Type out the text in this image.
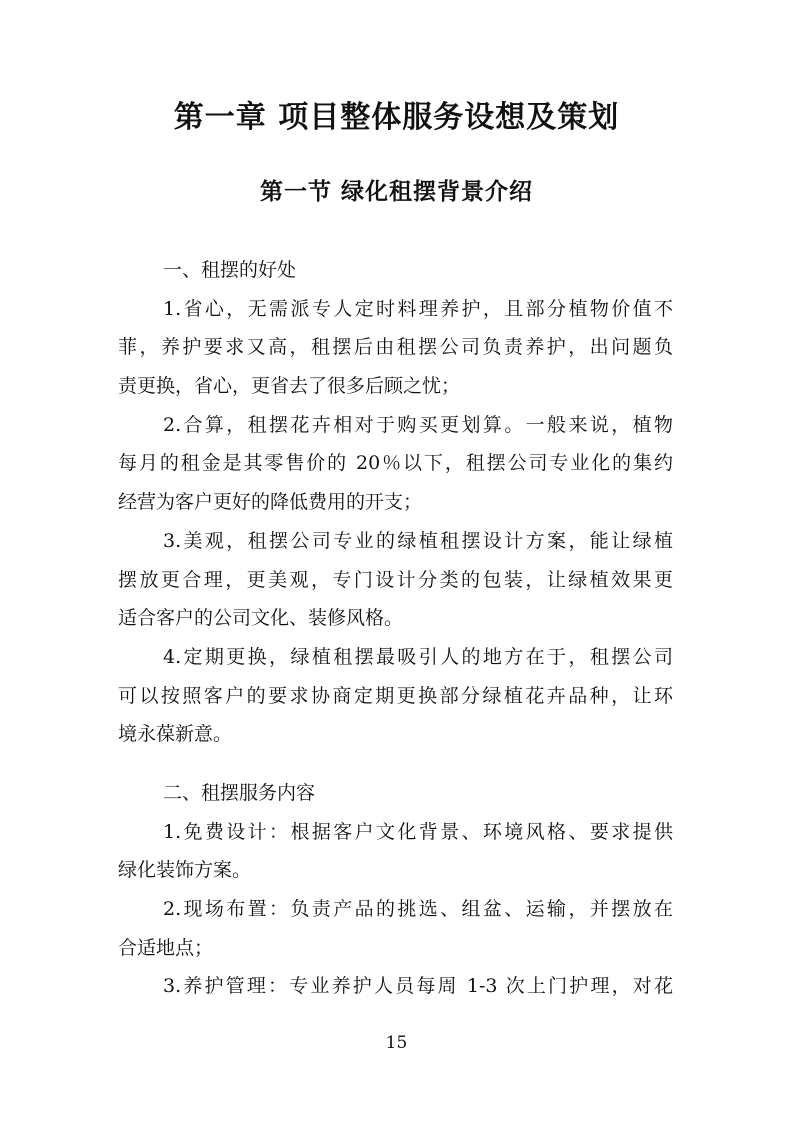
第一章 项目整体服务设想及策划
第一节 绿化租摆背景介绍
一、租摆的好处
1.省心，无需派专人定时料理养护，且部分植物价值不
菲，养护要求又高，租摆后由租摆公司负责养护，出问题负
责更换，省心，更省去了很多后顾之忧；
2.合算，租摆花卉相对于购买更划算。一般来说，植物
每月的租金是其零售价的 20％以下，租摆公司专业化的集约
经营为客户更好的降低费用的开支；
3.美观，租摆公司专业的绿植租摆设计方案，能让绿植
摆放更合理，更美观，专门设计分类的包装，让绿植效果更
适合客户的公司文化、装修风格。
4.定期更换，绿植租摆最吸引人的地方在于，租摆公司
可以按照客户的要求协商定期更换部分绿植花卉品种，让环
境永葆新意。
二、租摆服务内容
1.免费设计：根据客户文化背景、环境风格、要求提供
绿化装饰方案。
2.现场布置：负责产品的挑选、组盆、运输，并摆放在
合适地点；
3.养护管理：专业养护人员每周 1-3 次上门护理，对花
15
